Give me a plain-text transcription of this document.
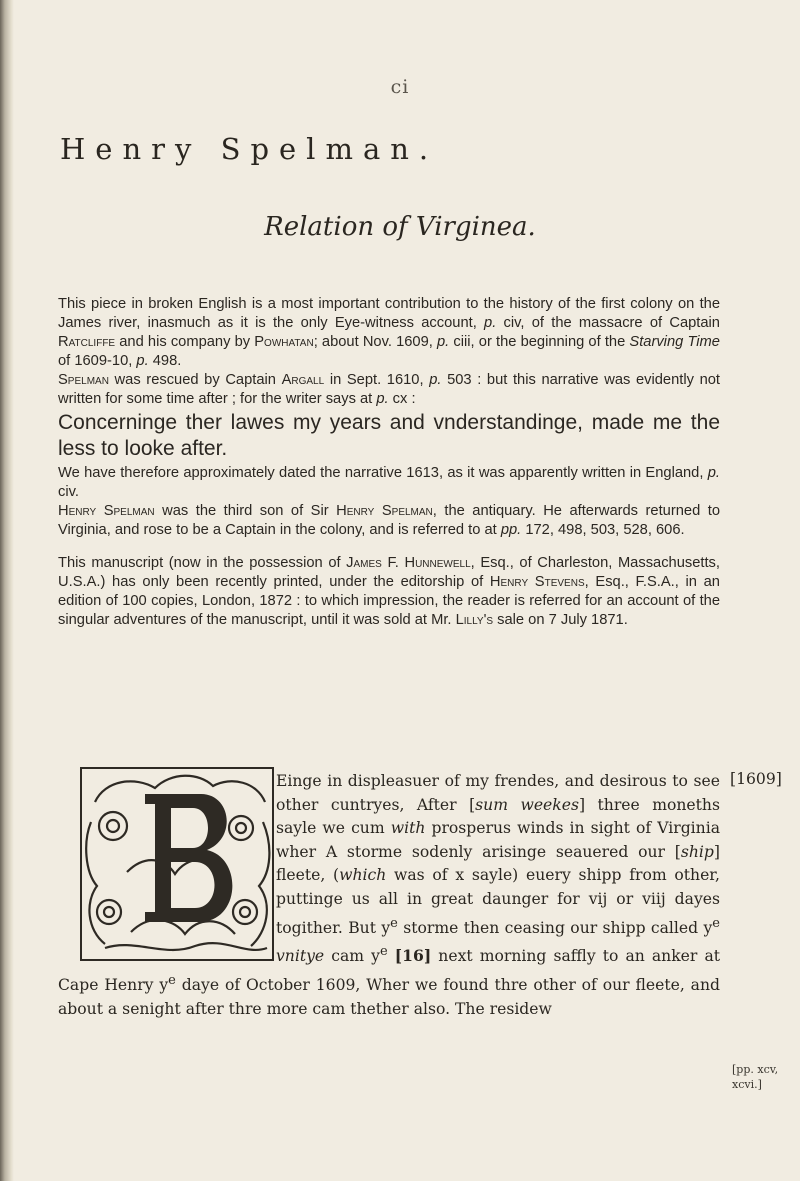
ci
Henry Spelman.
Relation of Virginea.

This piece in broken English is a most important contribution to the history of the first colony on the James river, inasmuch as it is the only Eye-witness account, p. civ, of the massacre of Captain Ratcliffe and his company by Powhatan; about Nov. 1609, p. ciii, or the beginning of the Starving Time of 1609-10, p. 498.

Spelman was rescued by Captain Argall in Sept. 1610, p. 503 : but this narrative was evidently not written for some time after ; for the writer says at p. cx :

Concerninge ther lawes my years and vnderstandinge, made me the less to looke after.

We have therefore approximately dated the narrative 1613, as it was apparently written in England, p. civ.

Henry Spelman was the third son of Sir Henry Spelman, the antiquary. He afterwards returned to Virginia, and rose to be a Captain in the colony, and is referred to at pp. 172, 498, 503, 528, 606.

This manuscript (now in the possession of James F. Hunnewell, Esq., of Charleston, Massachusetts, U.S.A.) has only been recently printed, under the editorship of Henry Stevens, Esq., F.S.A., in an edition of 100 copies, London, 1872 : to which impression, the reader is referred for an account of the singular adventures of the manuscript, until it was sold at Mr. Lilly's sale on 7 July 1871.

B

Einge in displeasuer of my frendes, and desirous to see other cuntryes, After [sum weekes] three moneths sayle we cum with prosperus winds in sight of Virginia wher A storme sodenly arisinge seauered our [ship] fleete, (which was of x sayle) euery shipp from other, puttinge us all in great daunger for vij or viij dayes togither. But $y^e$ storme then ceasing our shipp called $y^e$ vnitye cam $y^e$ [16] next morning saffly to an anker at Cape Henry $y^e$ daye of October 1609, Wher we found thre other of our fleete, and about a senight after thre more cam thether also. The residew

[1609]
[pp. xcv, xcvi.]
